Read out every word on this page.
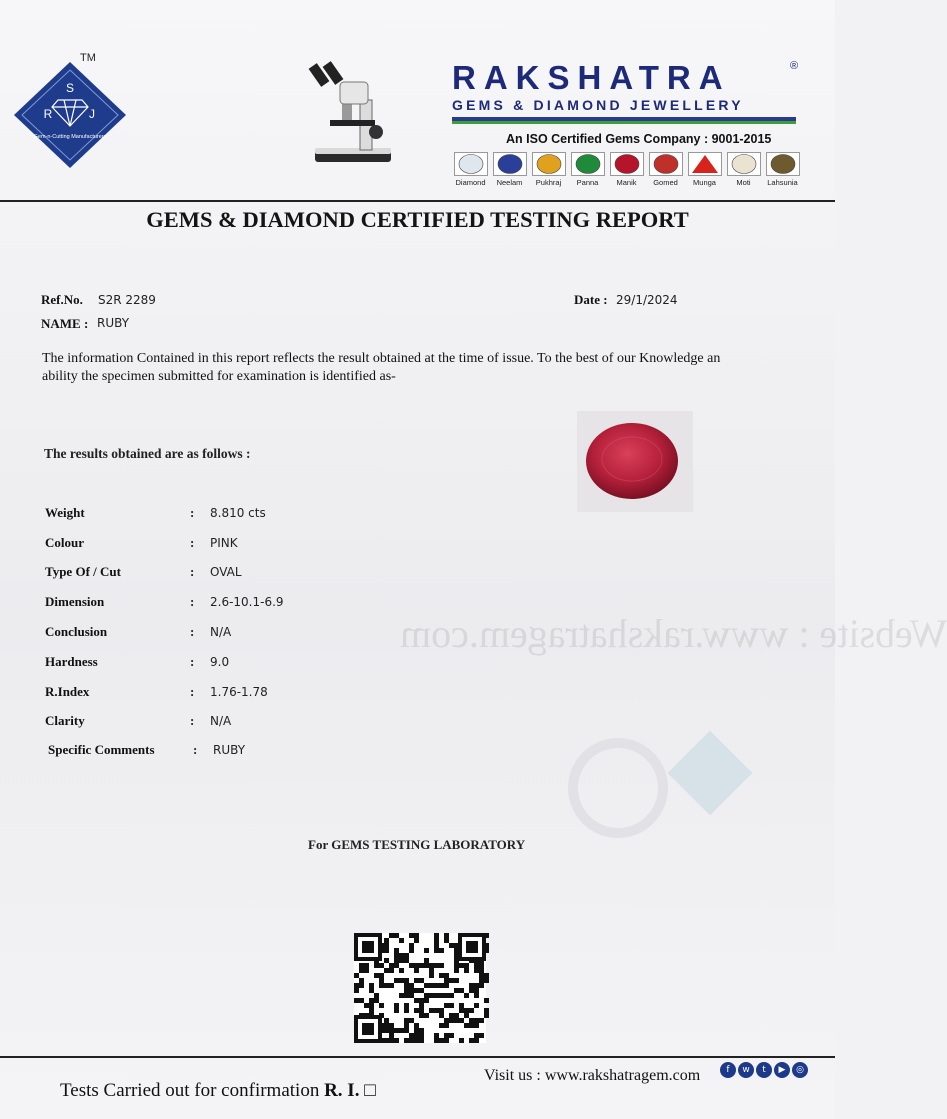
TM
S
R	J
Gem-n-Cutting Manufacturers
RAKSHATRA	®
GEMS & DIAMOND JEWELLERY
An ISO Certified Gems Company : 9001-2015
Diamond	Neelam	Pukhraj	Panna	Manik	Gomed	Munga	Moti	Lahsunia
GEMS & DIAMOND CERTIFIED TESTING REPORT
Ref.No. S2R 2289
NAME : RUBY
Date : 29/1/2024
The information Contained in this report reflects the result obtained at the time of issue. To the best of our Knowledge an ability the specimen submitted for examination is identified as-
The results obtained are as follows :
Website : www.rakshatragem.com
Weight	: 8.810 cts
Colour	: PINK
Type Of / Cut	: OVAL
Dimension	: 2.6-10.1-6.9
Conclusion	: N/A
Hardness	: 9.0
R.Index	: 1.76-1.78
Clarity	: N/A
Specific Comments	: RUBY
For GEMS TESTING LABORATORY
Tests Carried out for confirmation R. I. □
Visit us : www.rakshatragem.com	f	w	t	▶	◎
